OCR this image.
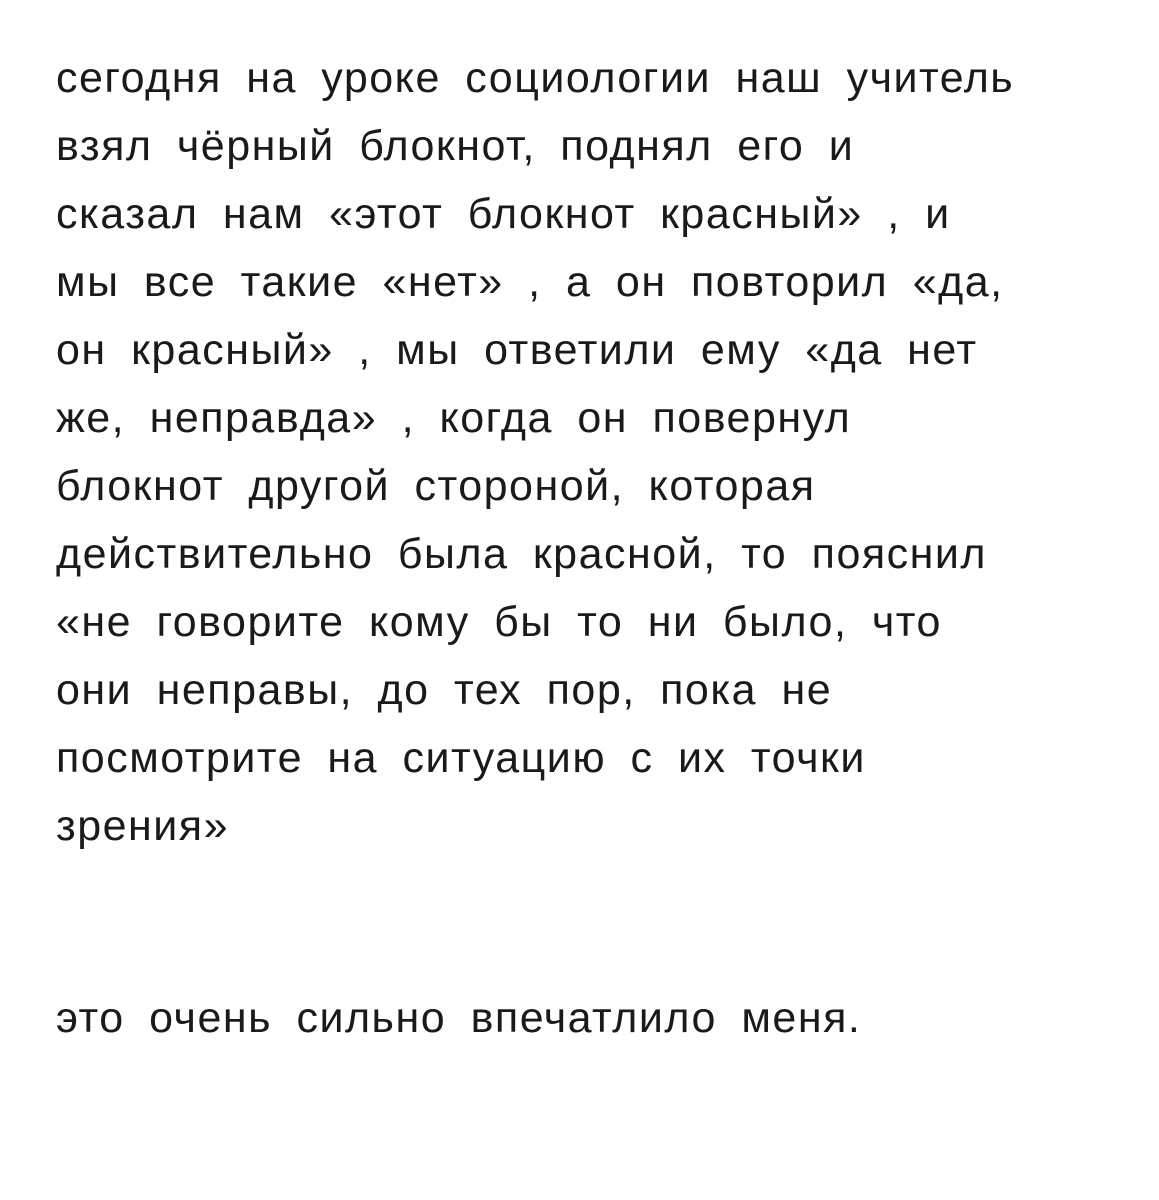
сегодня на уроке социологии наш учитель
взял чёрный блокнот, поднял его и
сказал нам «этот блокнот красный» , и
мы все такие «нет» , а он повторил «да,
он красный» , мы ответили ему «да нет
же, неправда» , когда он повернул
блокнот другой стороной, которая
действительно была красной, то пояснил
«не говорите кому бы то ни было, что
они неправы, до тех пор, пока не
посмотрите на ситуацию с их точки
зрения»
это очень сильно впечатлило меня.
